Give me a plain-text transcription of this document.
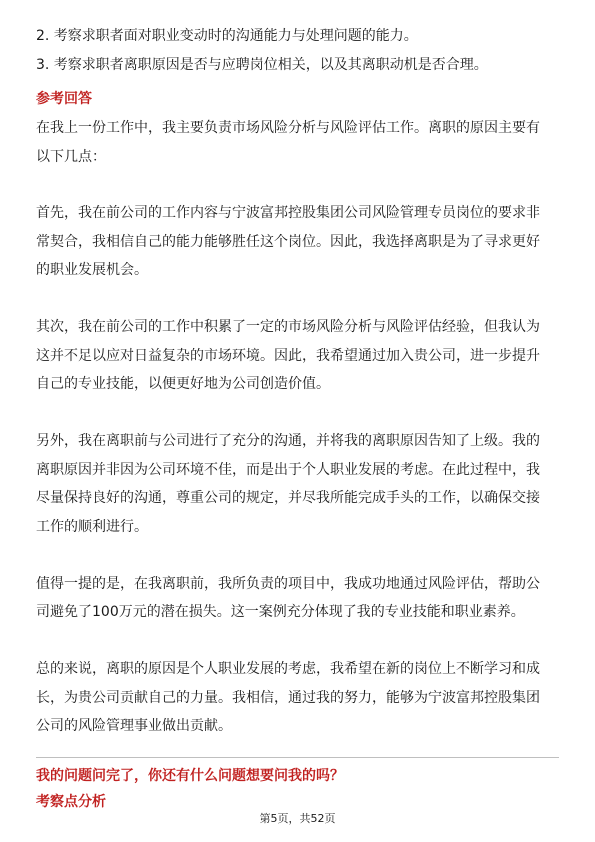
2. 考察求职者面对职业变动时的沟通能力与处理问题的能力。
3. 考察求职者离职原因是否与应聘岗位相关，以及其离职动机是否合理。
参考回答
在我上一份工作中，我主要负责市场风险分析与风险评估工作。离职的原因主要有
以下几点：
首先，我在前公司的工作内容与宁波富邦控股集团公司风险管理专员岗位的要求非
常契合，我相信自己的能力能够胜任这个岗位。因此，我选择离职是为了寻求更好
的职业发展机会。
其次，我在前公司的工作中积累了一定的市场风险分析与风险评估经验，但我认为
这并不足以应对日益复杂的市场环境。因此，我希望通过加入贵公司，进一步提升
自己的专业技能，以便更好地为公司创造价值。
另外，我在离职前与公司进行了充分的沟通，并将我的离职原因告知了上级。我的
离职原因并非因为公司环境不佳，而是出于个人职业发展的考虑。在此过程中，我
尽量保持良好的沟通，尊重公司的规定，并尽我所能完成手头的工作，以确保交接
工作的顺利进行。
值得一提的是，在我离职前，我所负责的项目中，我成功地通过风险评估，帮助公
司避免了100万元的潜在损失。这一案例充分体现了我的专业技能和职业素养。
总的来说，离职的原因是个人职业发展的考虑，我希望在新的岗位上不断学习和成
长，为贵公司贡献自己的力量。我相信，通过我的努力，能够为宁波富邦控股集团
公司的风险管理事业做出贡献。
我的问题问完了，你还有什么问题想要问我的吗？
考察点分析
第5页，共52页
